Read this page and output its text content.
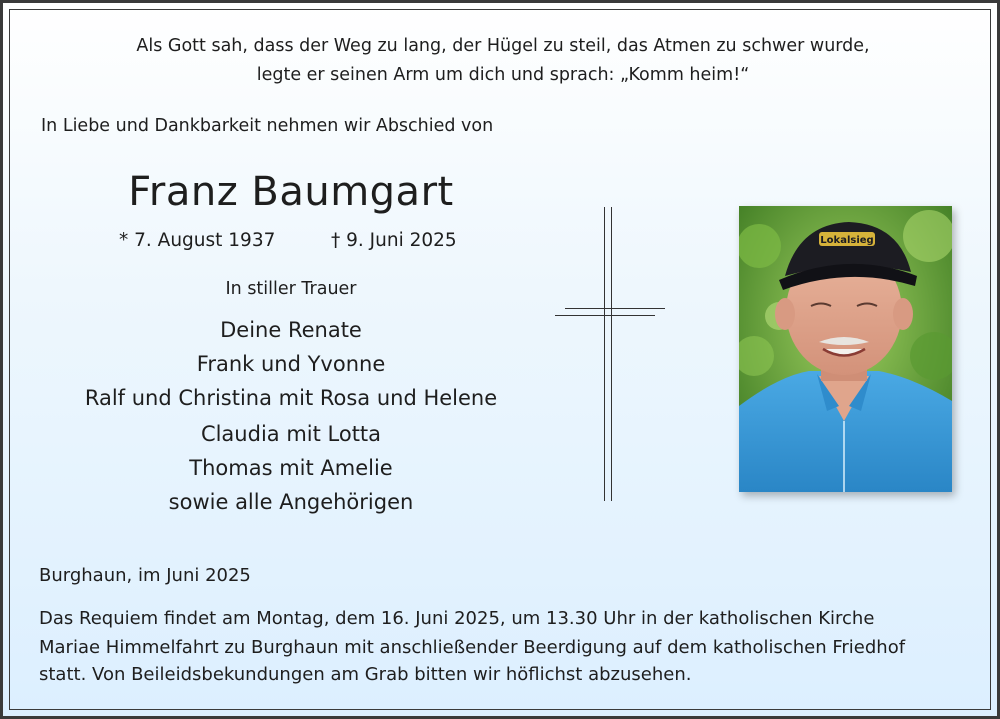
Als Gott sah, dass der Weg zu lang, der Hügel zu steil, das Atmen zu schwer wurde,
legte er seinen Arm um dich und sprach: „Komm heim!“
In Liebe und Dankbarkeit nehmen wir Abschied von
Franz Baumgart
* 7. August 1937	† 9. Juni 2025
In stiller Trauer
Deine Renate
Frank und Yvonne
Ralf und Christina mit Rosa und Helene
Claudia mit Lotta
Thomas mit Amelie
sowie alle Angehörigen
Lokalsieg
Burghaun, im Juni 2025
Das Requiem findet am Montag, dem 16. Juni 2025, um 13.30 Uhr in der katholischen Kirche
Mariae Himmelfahrt zu Burghaun mit anschließender Beerdigung auf dem katholischen Friedhof
statt. Von Beileidsbekundungen am Grab bitten wir höflichst abzusehen.
